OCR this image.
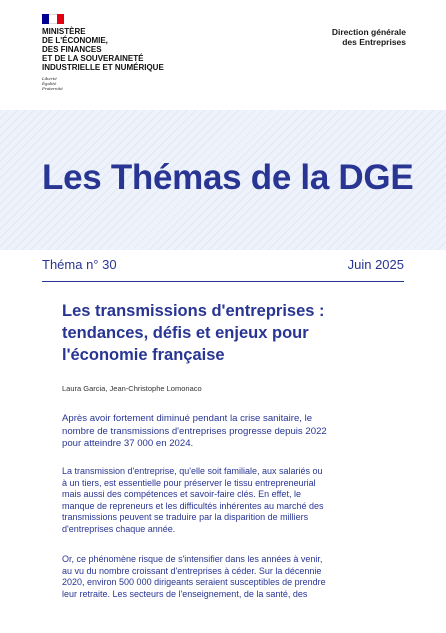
MINISTÈRE
DE L'ÉCONOMIE,
DES FINANCES
ET DE LA SOUVERAINETÉ
INDUSTRIELLE ET NUMÉRIQUE
Liberté
Égalité
Fraternité
Direction générale
des Entreprises
Les Thémas de la DGE
Théma n° 30	Juin 2025
Les transmissions d'entreprises :
tendances, défis et enjeux pour
l'économie française
Laura Garcia, Jean-Christophe Lomonaco
Après avoir fortement diminué pendant la crise sanitaire, le
nombre de transmissions d'entreprises progresse depuis 2022
pour atteindre 37 000 en 2024.
La transmission d'entreprise, qu'elle soit familiale, aux salariés ou
à un tiers, est essentielle pour préserver le tissu entrepreneurial
mais aussi des compétences et savoir-faire clés. En effet, le
manque de repreneurs et les difficultés inhérentes au marché des
transmissions peuvent se traduire par la disparition de milliers
d'entreprises chaque année.
Or, ce phénomène risque de s'intensifier dans les années à venir,
au vu du nombre croissant d'entreprises à céder. Sur la décennie
2020, environ 500 000 dirigeants seraient susceptibles de prendre
leur retraite. Les secteurs de l'enseignement, de la santé, des
